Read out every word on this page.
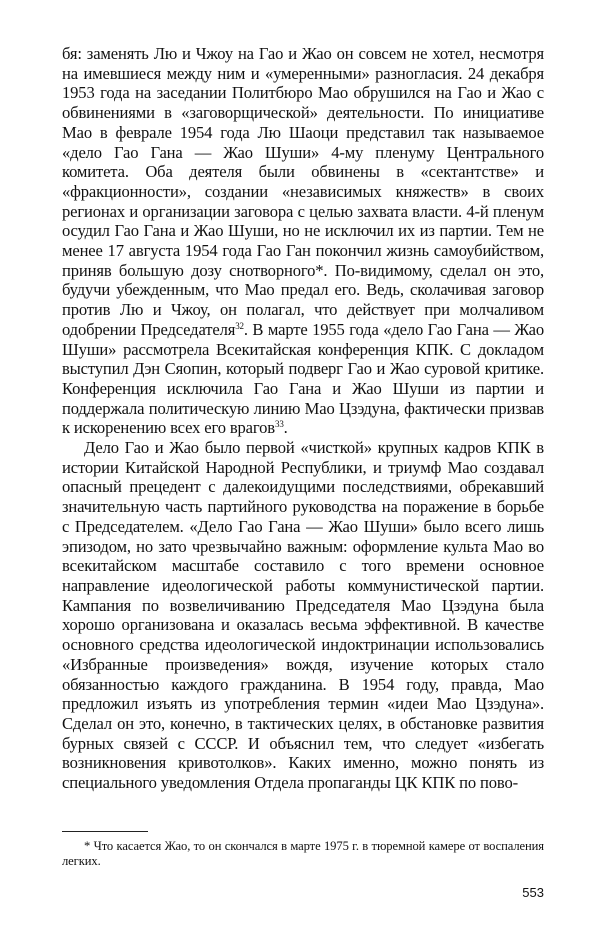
бя: заменять Лю и Чжоу на Гао и Жао он совсем не хотел, несмотря на имевшиеся между ним и «умеренными» разногласия. 24 декабря 1953 года на заседании Политбюро Мао обрушился на Гао и Жао с обвинениями в «заговорщической» деятельности. По инициативе Мао в феврале 1954 года Лю Шаоци представил так называемое «дело Гао Гана — Жао Шуши» 4-му пленуму Центрального комитета. Оба деятеля были обвинены в «сектантстве» и «фракционности», создании «независимых княжеств» в своих регионах и организации заговора с целью захвата власти. 4-й пленум осудил Гао Гана и Жао Шуши, но не исключил их из партии. Тем не менее 17 августа 1954 года Гао Ган покончил жизнь самоубийством, приняв большую дозу снотворного*. По-видимому, сделал он это, будучи убежденным, что Мао предал его. Ведь, сколачивая заговор против Лю и Чжоу, он полагал, что действует при молчаливом одобрении Председателя$^{32}$. В марте 1955 года «дело Гао Гана — Жао Шуши» рассмотрела Всекитайская конференция КПК. С докладом выступил Дэн Сяопин, который подверг Гао и Жао суровой критике. Конференция исключила Гао Гана и Жао Шуши из партии и поддержала политическую линию Мао Цзэдуна, фактически призвав к искоренению всех его врагов$^{33}$.

Дело Гао и Жао было первой «чисткой» крупных кадров КПК в истории Китайской Народной Республики, и триумф Мао создавал опасный прецедент с далекоидущими последствиями, обрекавший значительную часть партийного руководства на поражение в борьбе с Председателем. «Дело Гао Гана — Жао Шуши» было всего лишь эпизодом, но зато чрезвычайно важным: оформление культа Мао во всекитайском масштабе составило с того времени основное направление идеологической работы коммунистической партии. Кампания по возвеличиванию Председателя Мао Цзэдуна была хорошо организована и оказалась весьма эффективной. В качестве основного средства идеологической индоктринации использовались «Избранные произведения» вождя, изучение которых стало обязанностью каждого гражданина. В 1954 году, правда, Мао предложил изъять из употребления термин «идеи Мао Цзэдуна». Сделал он это, конечно, в тактических целях, в обстановке развития бурных связей с СССР. И объяснил тем, что следует «избегать возникновения кривотолков». Каких именно, можно понять из специального уведомления Отдела пропаганды ЦК КПК по пово-

* Что касается Жао, то он скончался в марте 1975 г. в тюремной камере от воспаления легких.
553
